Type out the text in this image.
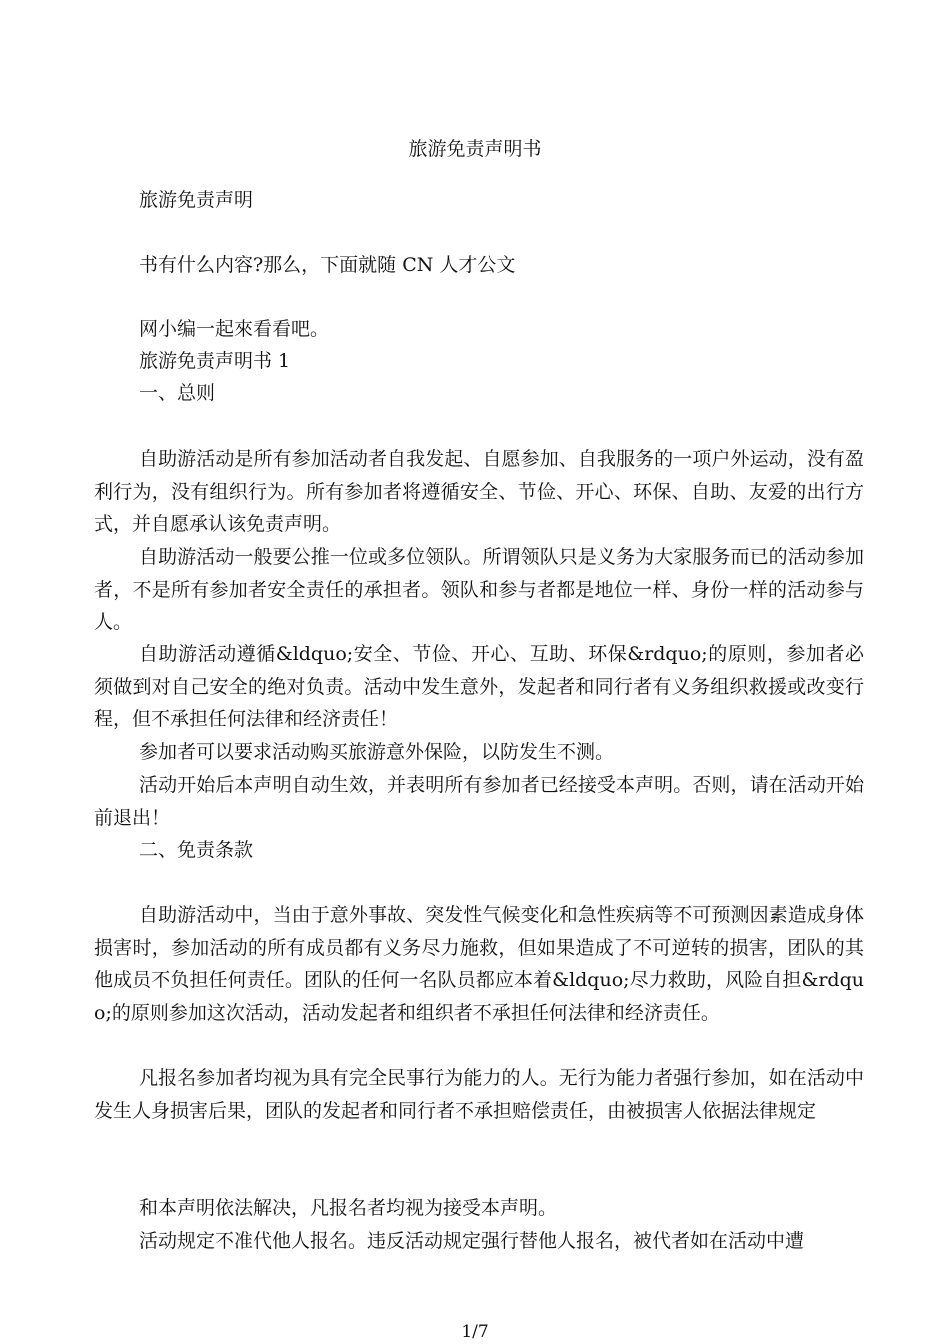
旅游免责声明书
旅游免责声明
书有什么内容?那么，下面就随 CN 人才公文
网小编一起來看看吧。
旅游免责声明书 1
一、总则
自助游活动是所有参加活动者自我发起、自愿参加、自我服务的一项户外运动，没有盈利行为，没有组织行为。所有参加者将遵循安全、节俭、开心、环保、自助、友爱的出行方式，并自愿承认该免责声明。
自助游活动一般要公推一位或多位领队。所谓领队只是义务为大家服务而已的活动参加者，不是所有参加者安全责任的承担者。领队和参与者都是地位一样、身份一样的活动参与人。
自助游活动遵循&ldquo;安全、节俭、开心、互助、环保&rdquo;的原则，参加者必须做到对自己安全的绝对负责。活动中发生意外，发起者和同行者有义务组织救援或改变行程，但不承担任何法律和经济责任！
参加者可以要求活动购买旅游意外保险，以防发生不测。
活动开始后本声明自动生效，并表明所有参加者已经接受本声明。否则，请在活动开始前退出！
二、免责条款
自助游活动中，当由于意外事故、突发性气候变化和急性疾病等不可预测因素造成身体损害时，参加活动的所有成员都有义务尽力施救，但如果造成了不可逆转的损害，团队的其他成员不负担任何责任。团队的任何一名队员都应本着&ldquo;尽力救助，风险自担&rdquo;的原则参加这次活动，活动发起者和组织者不承担任何法律和经济责任。
凡报名参加者均视为具有完全民事行为能力的人。无行为能力者强行参加，如在活动中发生人身损害后果，团队的发起者和同行者不承担赔偿责任，由被损害人依据法律规定
和本声明依法解决，凡报名者均视为接受本声明。
活动规定不准代他人报名。违反活动规定强行替他人报名，被代者如在活动中遭
1/7
